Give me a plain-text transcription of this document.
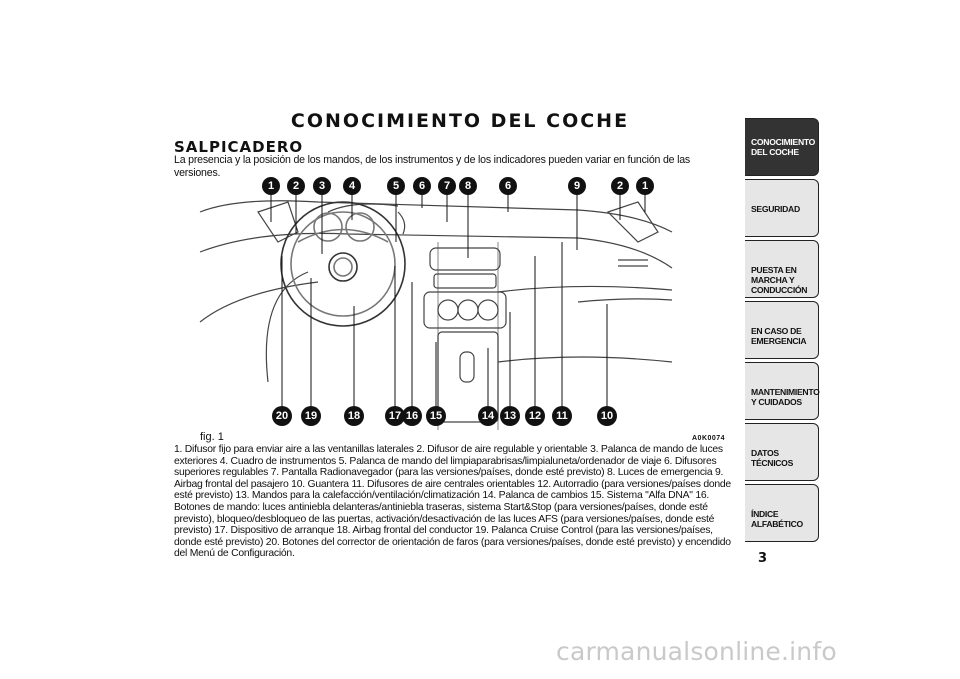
CONOCIMIENTO DEL COCHE
SALPICADERO
La presencia y la posición de los mandos, de los instrumentos y de los indicadores pueden variar en función de las versiones.
1 2 3 4	5 6 7 8	6	9	2 1
20 19	18	17 16 15	14 13 12 11	10
fig. 1	A0K0074
1. Difusor fijo para enviar aire a las ventanillas laterales 2. Difusor de aire regulable y orientable 3. Palanca de mando de luces exteriores 4. Cuadro de instrumentos 5. Palanca de mando del limpiaparabrisas/limpialuneta/ordenador de viaje 6. Difusores superiores regulables 7. Pantalla Radionavegador (para las versiones/países, donde esté previsto) 8. Luces de emergencia 9. Airbag frontal del pasajero 10. Guantera 11. Difusores de aire centrales orientables 12. Autorradio (para versiones/países donde esté previsto) 13. Mandos para la calefacción/ventilación/climatización 14. Palanca de cambios 15. Sistema "Alfa DNA" 16. Botones de mando: luces antiniebla delanteras/antiniebla traseras, sistema Start&Stop (para versiones/países, donde esté previsto), bloqueo/desbloqueo de las puertas, activación/desactivación de las luces AFS (para versiones/países, donde esté previsto) 17. Dispositivo de arranque 18. Airbag frontal del conductor 19. Palanca Cruise Control (para las versiones/países, donde esté previsto) 20. Botones del corrector de orientación de faros (para versiones/países, donde esté previsto) y encendido del Menú de Configuración.
CONOCIMIENTO DEL COCHE
SEGURIDAD
PUESTA EN MARCHA Y CONDUCCIÓN
EN CASO DE EMERGENCIA
MANTENIMIENTO Y CUIDADOS
DATOS TÉCNICOS
ÍNDICE ALFABÉTICO
3
carmanualsonline.info
